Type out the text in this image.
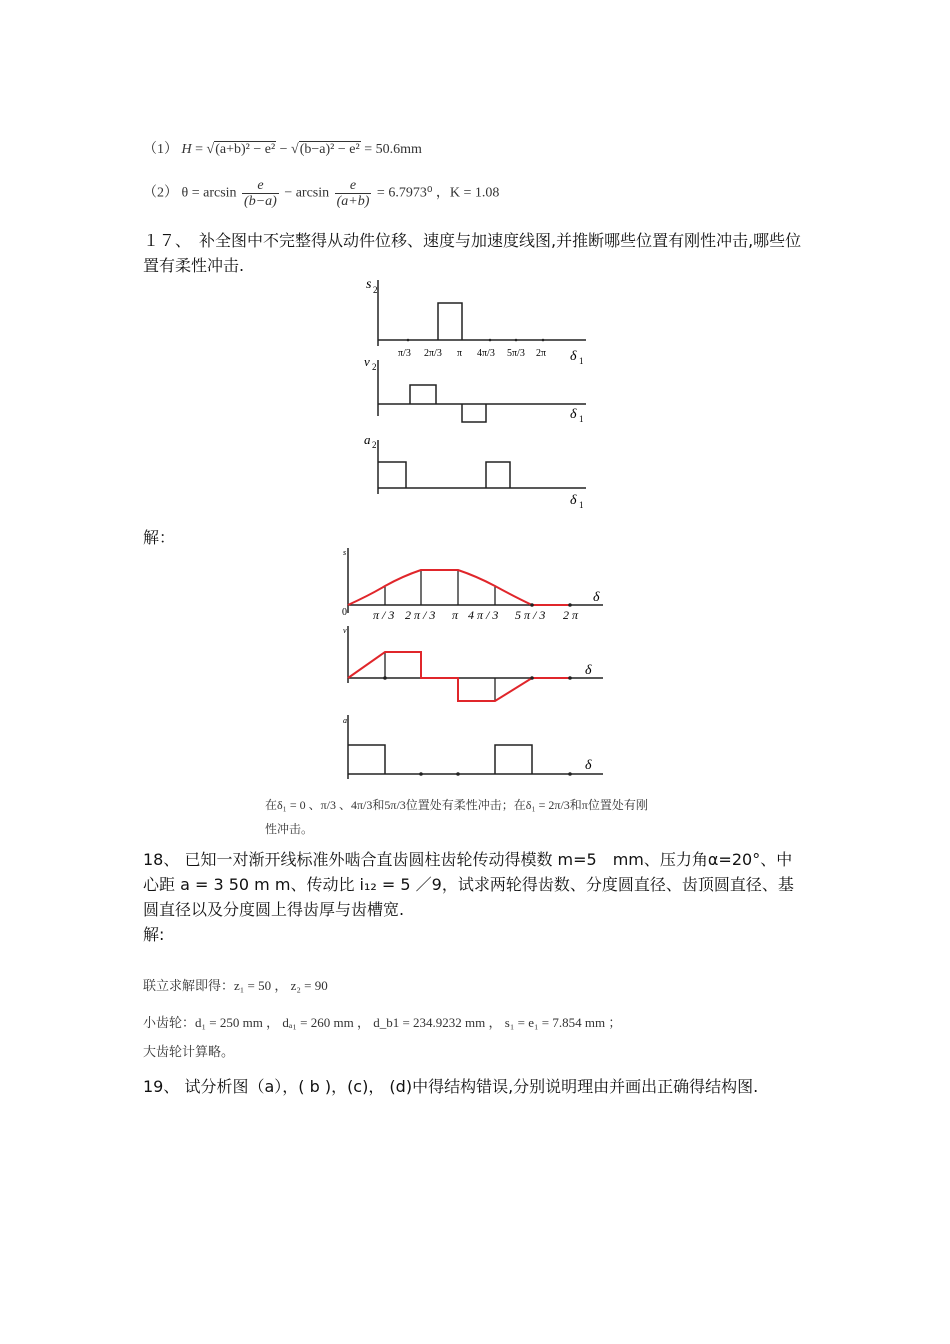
（1） H = √(a+b)² − e² − √(b−a)² − e² = 50.6mm
（2） $\theta = \arcsin \frac{e}{(b-a)} - \arcsin \frac{e}{(a+b)} = 6.7973^0$ ，K = 1.08
１７、　补全图中不完整得从动件位移、速度与加速度线图,并推断哪些位置有刚性冲击,哪些位置有柔性冲击.
s 2
π/3 2π/3 π 4π/3 5π/3 2π δ 1
v 2
δ 1
a 2
δ 1
解：
s
0 π / 3 2 π / 3 π 4 π / 3 5 π / 3 2 π
δ
v
δ
a
δ
在δ₁ = 0 、π/3 、4π/3和5π/3位置处有柔性冲击；在δ₁ = 2π/3和π位置处有刚
性冲击。
18、 已知一对渐开线标准外啮合直齿圆柱齿轮传动得模数 m=5　mm、压力角α=20°、中心距 a = 3 50 m m、传动比 i₁₂ = 5 ／9，试求两轮得齿数、分度圆直径、齿顶圆直径、基圆直径以及分度圆上得齿厚与齿槽宽.
解:
联立求解即得：z₁ = 50 ， z₂ = 90
小齿轮：d₁ = 250 mm ， dₐ₁ = 260 mm ， d_b1 = 234.9232 mm ， s₁ = e₁ = 7.854 mm ；
大齿轮计算略。
19、 试分析图（a），( b )，(c)， (d)中得结构错误,分别说明理由并画出正确得结构图.
